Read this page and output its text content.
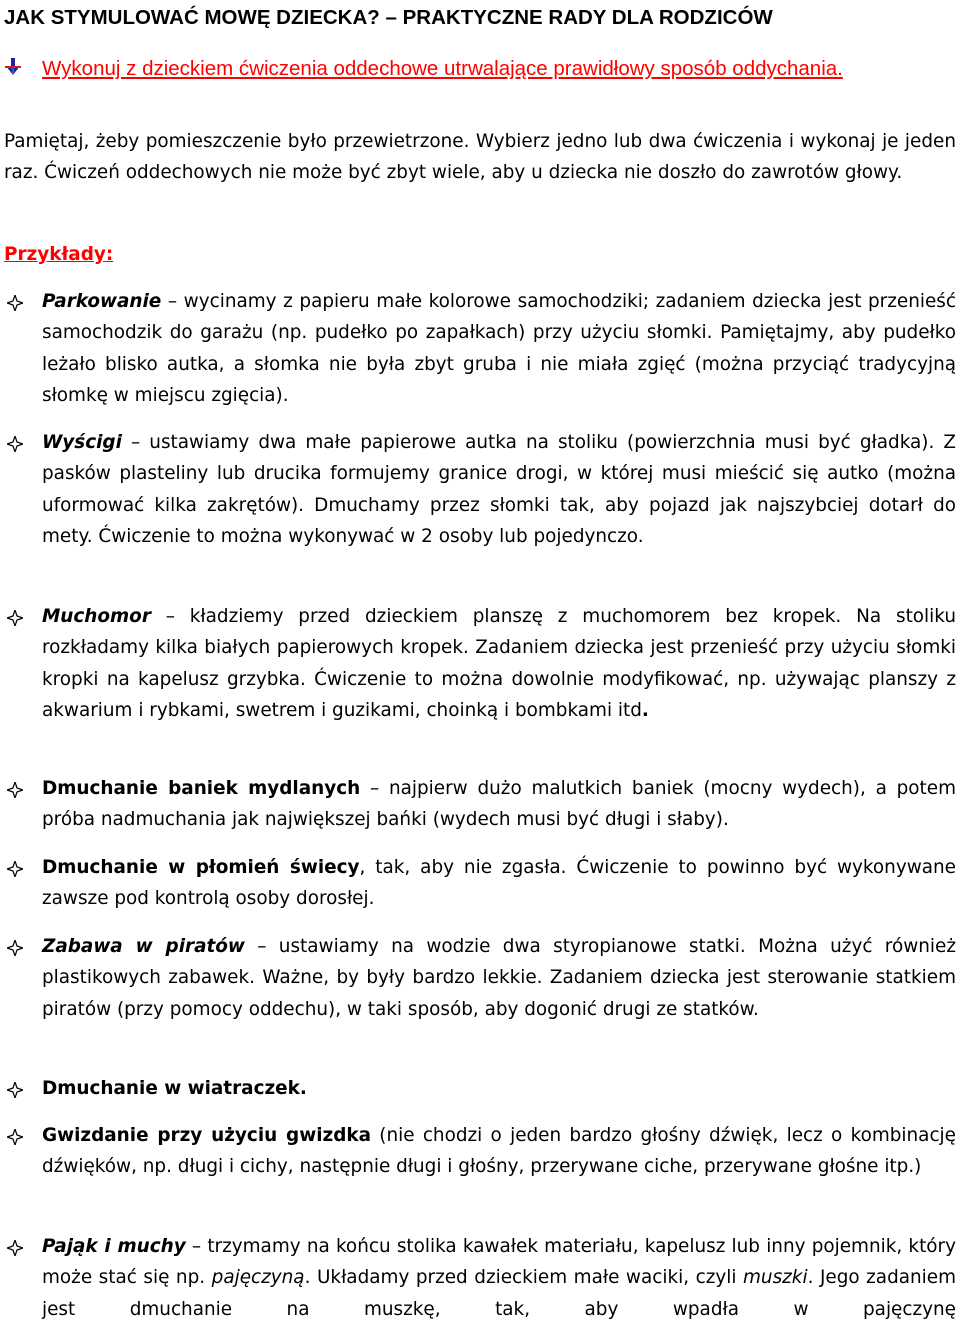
JAK STYMULOWAĆ MOWĘ DZIECKA? – PRAKTYCZNE RADY DLA RODZICÓW
Wykonuj z dzieckiem ćwiczenia oddechowe utrwalające prawidłowy sposób oddychania.
Pamiętaj, żeby pomieszczenie było przewietrzone. Wybierz jedno lub dwa ćwiczenia i wykonaj je jeden raz. Ćwiczeń oddechowych nie może być zbyt wiele, aby u dziecka nie doszło do zawrotów głowy.
Przykłady:
Parkowanie – wycinamy z papieru małe kolorowe samochodziki; zadaniem dziecka jest przenieść samochodzik do garażu (np. pudełko po zapałkach) przy użyciu słomki. Pamiętajmy, aby pudełko leżało blisko autka, a słomka nie była zbyt gruba i nie miała zgięć (można przyciąć tradycyjną słomkę w miejscu zgięcia).
Wyścigi – ustawiamy dwa małe papierowe autka na stoliku (powierzchnia musi być gładka). Z pasków plasteliny lub drucika formujemy granice drogi, w której musi mieścić się autko (można uformować kilka zakrętów). Dmuchamy przez słomki tak, aby pojazd jak najszybciej dotarł do mety. Ćwiczenie to można wykonywać w 2 osoby lub pojedynczo.
Muchomor – kładziemy przed dzieckiem planszę z muchomorem bez kropek. Na stoliku rozkładamy kilka białych papierowych kropek. Zadaniem dziecka jest przenieść przy użyciu słomki kropki na kapelusz grzybka. Ćwiczenie to można dowolnie modyfikować, np. używając planszy z akwarium i rybkami, swetrem i guzikami, choinką i bombkami itd.
Dmuchanie baniek mydlanych – najpierw dużo malutkich baniek (mocny wydech), a potem próba nadmuchania jak największej bańki (wydech musi być długi i słaby).
Dmuchanie w płomień świecy, tak, aby nie zgasła. Ćwiczenie to powinno być wykonywane zawsze pod kontrolą osoby dorosłej.
Zabawa w piratów – ustawiamy na wodzie dwa styropianowe statki. Można użyć również plastikowych zabawek. Ważne, by były bardzo lekkie. Zadaniem dziecka jest sterowanie statkiem piratów (przy pomocy oddechu), w taki sposób, aby dogonić drugi ze statków.
Dmuchanie w wiatraczek.
Gwizdanie przy użyciu gwizdka (nie chodzi o jeden bardzo głośny dźwięk, lecz o kombinację dźwięków, np. długi i cichy, następnie długi i głośny, przerywane ciche, przerywane głośne itp.)
Pająk i muchy – trzymamy na końcu stolika kawałek materiału, kapelusz lub inny pojemnik, który może stać się np. pajęczyną. Układamy przed dzieckiem małe waciki, czyli muszki. Jego zadaniem jest dmuchanie na muszkę, tak, aby wpadła w pajęczynę
